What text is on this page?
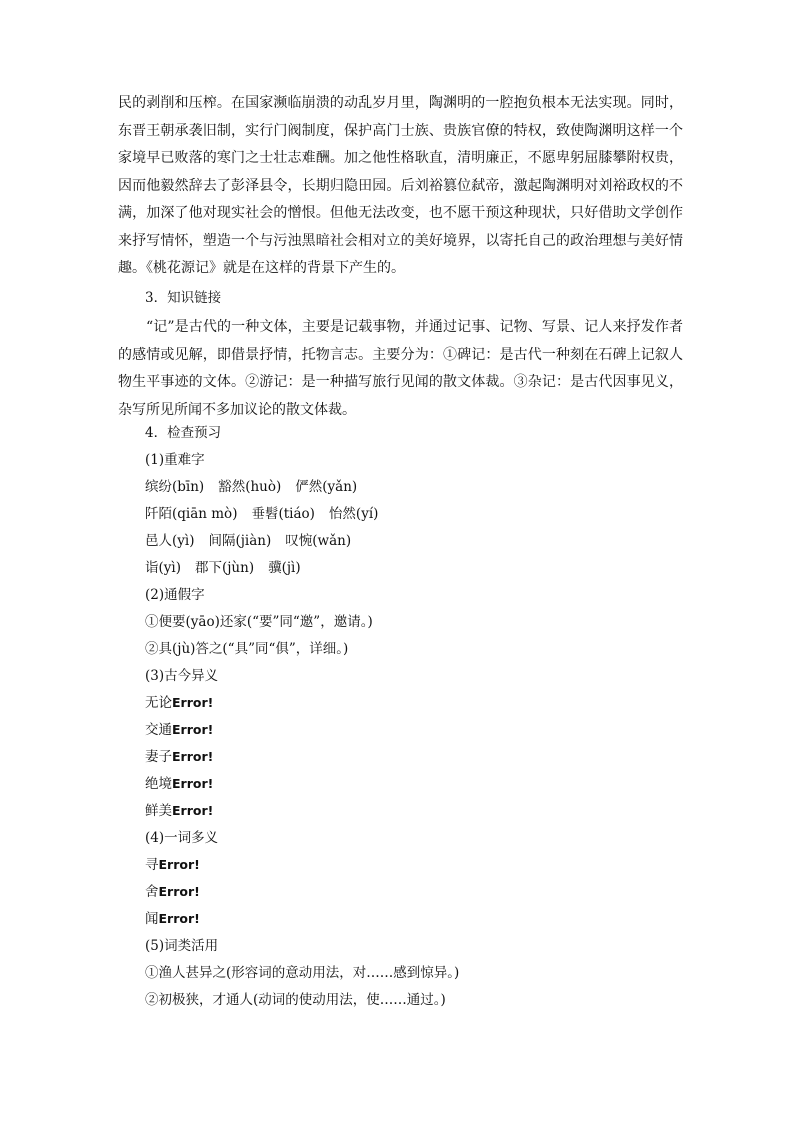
民的剥削和压榨。在国家濒临崩溃的动乱岁月里，陶渊明的一腔抱负根本无法实现。同时，东晋王朝承袭旧制，实行门阀制度，保护高门士族、贵族官僚的特权，致使陶渊明这样一个家境早已败落的寒门之士壮志难酬。加之他性格耿直，清明廉正，不愿卑躬屈膝攀附权贵，因而他毅然辞去了彭泽县令，长期归隐田园。后刘裕篡位弑帝，激起陶渊明对刘裕政权的不满，加深了他对现实社会的憎恨。但他无法改变，也不愿干预这种现状，只好借助文学创作来抒写情怀，塑造一个与污浊黑暗社会相对立的美好境界，以寄托自己的政治理想与美好情趣。《桃花源记》就是在这样的背景下产生的。
3．知识链接
“记”是古代的一种文体，主要是记载事物，并通过记事、记物、写景、记人来抒发作者的感情或见解，即借景抒情，托物言志。主要分为：①碑记：是古代一种刻在石碑上记叙人物生平事迹的文体。②游记：是一种描写旅行见闻的散文体裁。③杂记：是古代因事见义，杂写所见所闻不多加议论的散文体裁。
4．检查预习
(1)重难字
缤纷(bīn) 豁然(huò) 俨然(yǎn)
阡陌(qiān mò) 垂髫(tiáo) 怡然(yí)
邑人(yì) 间隔(jiàn) 叹惋(wǎn)
诣(yì) 郡下(jùn) 骥(jì)
(2)通假字
①便要(yāo)还家(“要”同“邀”，邀请。)
②具(jù)答之(“具”同“俱”，详细。)
(3)古今异义
无论Error!
交通Error!
妻子Error!
绝境Error!
鲜美Error!
(4)一词多义
寻Error!
舍Error!
闻Error!
(5)词类活用
①渔人甚异之(形容词的意动用法，对……感到惊异。)
②初极狭，才通人(动词的使动用法，使……通过。)
